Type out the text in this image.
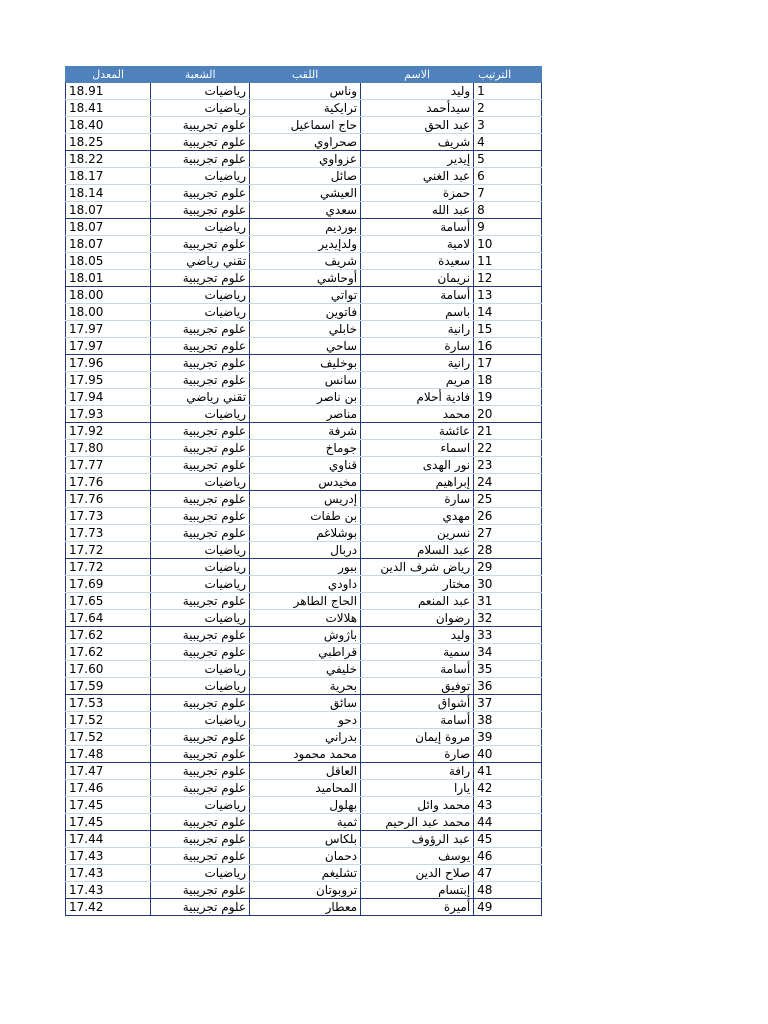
الترتيب	الاسم	اللقب	الشعبة	المعدل
1	وليد	وناس	رياضيات	18.91
2	سيدأحمد	ترايكية	رياضيات	18.41
3	عبد الحق	حاج اسماعيل	علوم تجريبية	18.40
4	شريف	صحراوي	علوم تجريبية	18.25
5	إيدير	عزواوي	علوم تجريبية	18.22
6	عبد الغني	صائل	رياضيات	18.17
7	حمزة	العيشي	علوم تجريبية	18.14
8	عبد الله	سعدي	علوم تجريبية	18.07
9	أسامة	بورديم	رياضيات	18.07
10	لامية	ولدإيدير	علوم تجريبية	18.07
11	سعيدة	شريف	تقني رياضي	18.05
12	نريمان	أوحاشي	علوم تجريبية	18.01
13	أسامة	تواتي	رياضيات	18.00
14	باسم	فاتوين	رياضيات	18.00
15	رانية	خابلي	علوم تجريبية	17.97
16	سارة	ساحي	علوم تجريبية	17.97
17	رانية	بوخليف	علوم تجريبية	17.96
18	مريم	سانس	علوم تجريبية	17.95
19	فادية أحلام	بن ناصر	تقني رياضي	17.94
20	محمد	مناصر	رياضيات	17.93
21	عائشة	شرفة	علوم تجريبية	17.92
22	اسماء	جوماخ	علوم تجريبية	17.80
23	نور الهدى	قناوي	علوم تجريبية	17.77
24	إبراهيم	مخيدس	رياضيات	17.76
25	سارة	إدريس	علوم تجريبية	17.76
26	مهدي	بن طفات	علوم تجريبية	17.73
27	نسرين	بوشلاغم	علوم تجريبية	17.73
28	عبد السلام	دربال	رياضيات	17.72
29	رياض شرف الدين	ببور	رياضيات	17.72
30	مختار	داودي	رياضيات	17.69
31	عبد المنعم	الحاج الطاهر	علوم تجريبية	17.65
32	رضوان	هلالات	رياضيات	17.64
33	وليد	باژوش	علوم تجريبية	17.62
34	سمية	قراطبي	علوم تجريبية	17.62
35	أسامة	خليفي	رياضيات	17.60
36	توفيق	بحرية	رياضيات	17.59
37	أشواق	سائق	علوم تجريبية	17.53
38	أسامة	دحو	رياضيات	17.52
39	مروة إيمان	بدراني	علوم تجريبية	17.52
40	صارة	محمد محمود	علوم تجريبية	17.48
41	رافة	العاقل	علوم تجريبية	17.47
42	يارا	المحاميد	علوم تجريبية	17.46
43	محمد وائل	بهلول	رياضيات	17.45
44	محمد عبد الرحيم	ثمية	علوم تجريبية	17.45
45	عبد الرؤوف	بلكاس	علوم تجريبية	17.44
46	يوسف	دحمان	علوم تجريبية	17.43
47	صلاح الدين	تشليغم	رياضيات	17.43
48	إبتسام	تروبوتان	علوم تجريبية	17.43
49	أميرة	معطار	علوم تجريبية	17.42
